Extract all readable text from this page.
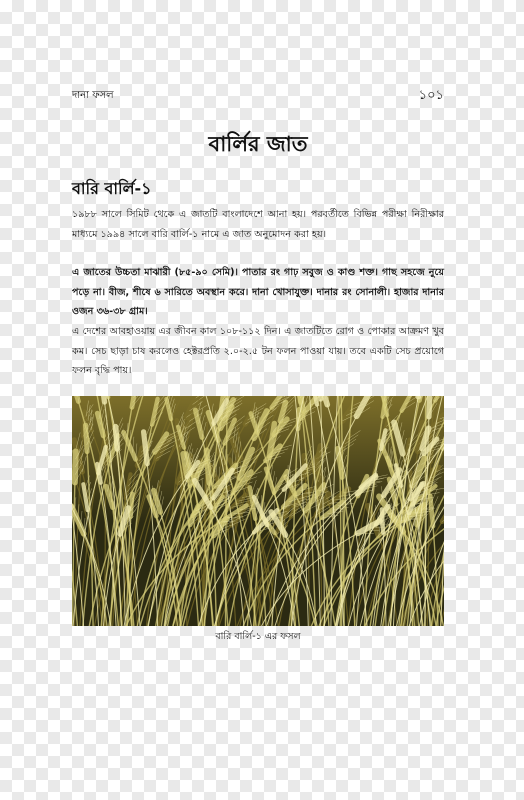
দানা ফসল	১০১
বার্লির জাত
বারি বার্লি-১

১৯৮৮ সালে সিমিট থেকে এ জাতটি বাংলাদেশে আনা হয়। পরবর্তীতে বিভিন্ন পরীক্ষা নিরীক্ষার মাধ্যমে ১৯৯৪ সালে বারি বার্লি-১ নামে এ জাত অনুমোদন করা হয়।

এ জাতের উচ্চতা মাঝারী (৮৫-৯০ সেমি)। পাতার রং গাঢ় সবুজ ও কাণ্ড শক্ত। গাছ সহজে নুয়ে পড়ে না। বীজ, শীষে ৬ সারিতে অবস্থান করে। দানা খোসাযুক্ত। দানার রং সোনালী। হাজার দানার ওজন ৩৬-৩৮ গ্রাম।

এ দেশের আবহাওয়ায় এর জীবন কাল ১০৮-১১২ দিন। এ জাতটিতে রোগ ও পোকার আক্রমণ খুব কম। সেচ ছাড়া চাষ করলেও হেক্টরপ্রতি ২.০-২.৫ টন ফলন পাওয়া যায়। তবে একটি সেচ প্রয়োগে ফলন বৃদ্ধি পায়।

বারি বার্লি-১ এর ফসল
